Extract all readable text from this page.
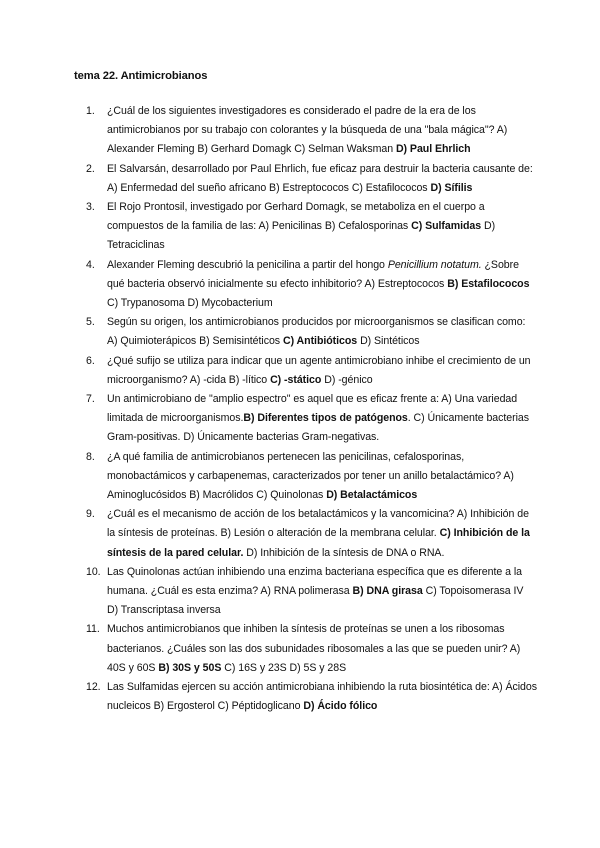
tema 22. Antimicrobianos
1. ¿Cuál de los siguientes investigadores es considerado el padre de la era de los antimicrobianos por su trabajo con colorantes y la búsqueda de una "bala mágica"? A) Alexander Fleming B) Gerhard Domagk C) Selman Waksman D) Paul Ehrlich
2. El Salvarsán, desarrollado por Paul Ehrlich, fue eficaz para destruir la bacteria causante de: A) Enfermedad del sueño africano B) Estreptococos C) Estafilococos D) Sífilis
3. El Rojo Prontosil, investigado por Gerhard Domagk, se metaboliza en el cuerpo a compuestos de la familia de las: A) Penicilinas B) Cefalosporinas C) Sulfamidas D) Tetraciclinas
4. Alexander Fleming descubrió la penicilina a partir del hongo Penicillium notatum. ¿Sobre qué bacteria observó inicialmente su efecto inhibitorio? A) Estreptococos B) Estafilococos C) Trypanosoma D) Mycobacterium
5. Según su origen, los antimicrobianos producidos por microorganismos se clasifican como: A) Quimioterápicos B) Semisintéticos C) Antibióticos D) Sintéticos
6. ¿Qué sufijo se utiliza para indicar que un agente antimicrobiano inhibe el crecimiento de un microorganismo? A) -cida B) -lítico C) -stático D) -génico
7. Un antimicrobiano de "amplio espectro" es aquel que es eficaz frente a: A) Una variedad limitada de microorganismos.B) Diferentes tipos de patógenos. C) Únicamente bacterias Gram-positivas. D) Únicamente bacterias Gram-negativas.
8. ¿A qué familia de antimicrobianos pertenecen las penicilinas, cefalosporinas, monobactámicos y carbapenemas, caracterizados por tener un anillo betalactámico? A) Aminoglucósidos B) Macrólidos C) Quinolonas D) Betalactámicos
9. ¿Cuál es el mecanismo de acción de los betalactámicos y la vancomicina? A) Inhibición de la síntesis de proteínas. B) Lesión o alteración de la membrana celular. C) Inhibición de la síntesis de la pared celular. D) Inhibición de la síntesis de DNA o RNA.
10. Las Quinolonas actúan inhibiendo una enzima bacteriana específica que es diferente a la humana. ¿Cuál es esta enzima? A) RNA polimerasa B) DNA girasa C) Topoisomerasa IV D) Transcriptasa inversa
11. Muchos antimicrobianos que inhiben la síntesis de proteínas se unen a los ribosomas bacterianos. ¿Cuáles son las dos subunidades ribosomales a las que se pueden unir? A) 40S y 60S B) 30S y 50S C) 16S y 23S D) 5S y 28S
12. Las Sulfamidas ejercen su acción antimicrobiana inhibiendo la ruta biosintética de: A) Ácidos nucleicos B) Ergosterol C) Péptidoglicano D) Ácido fólico
